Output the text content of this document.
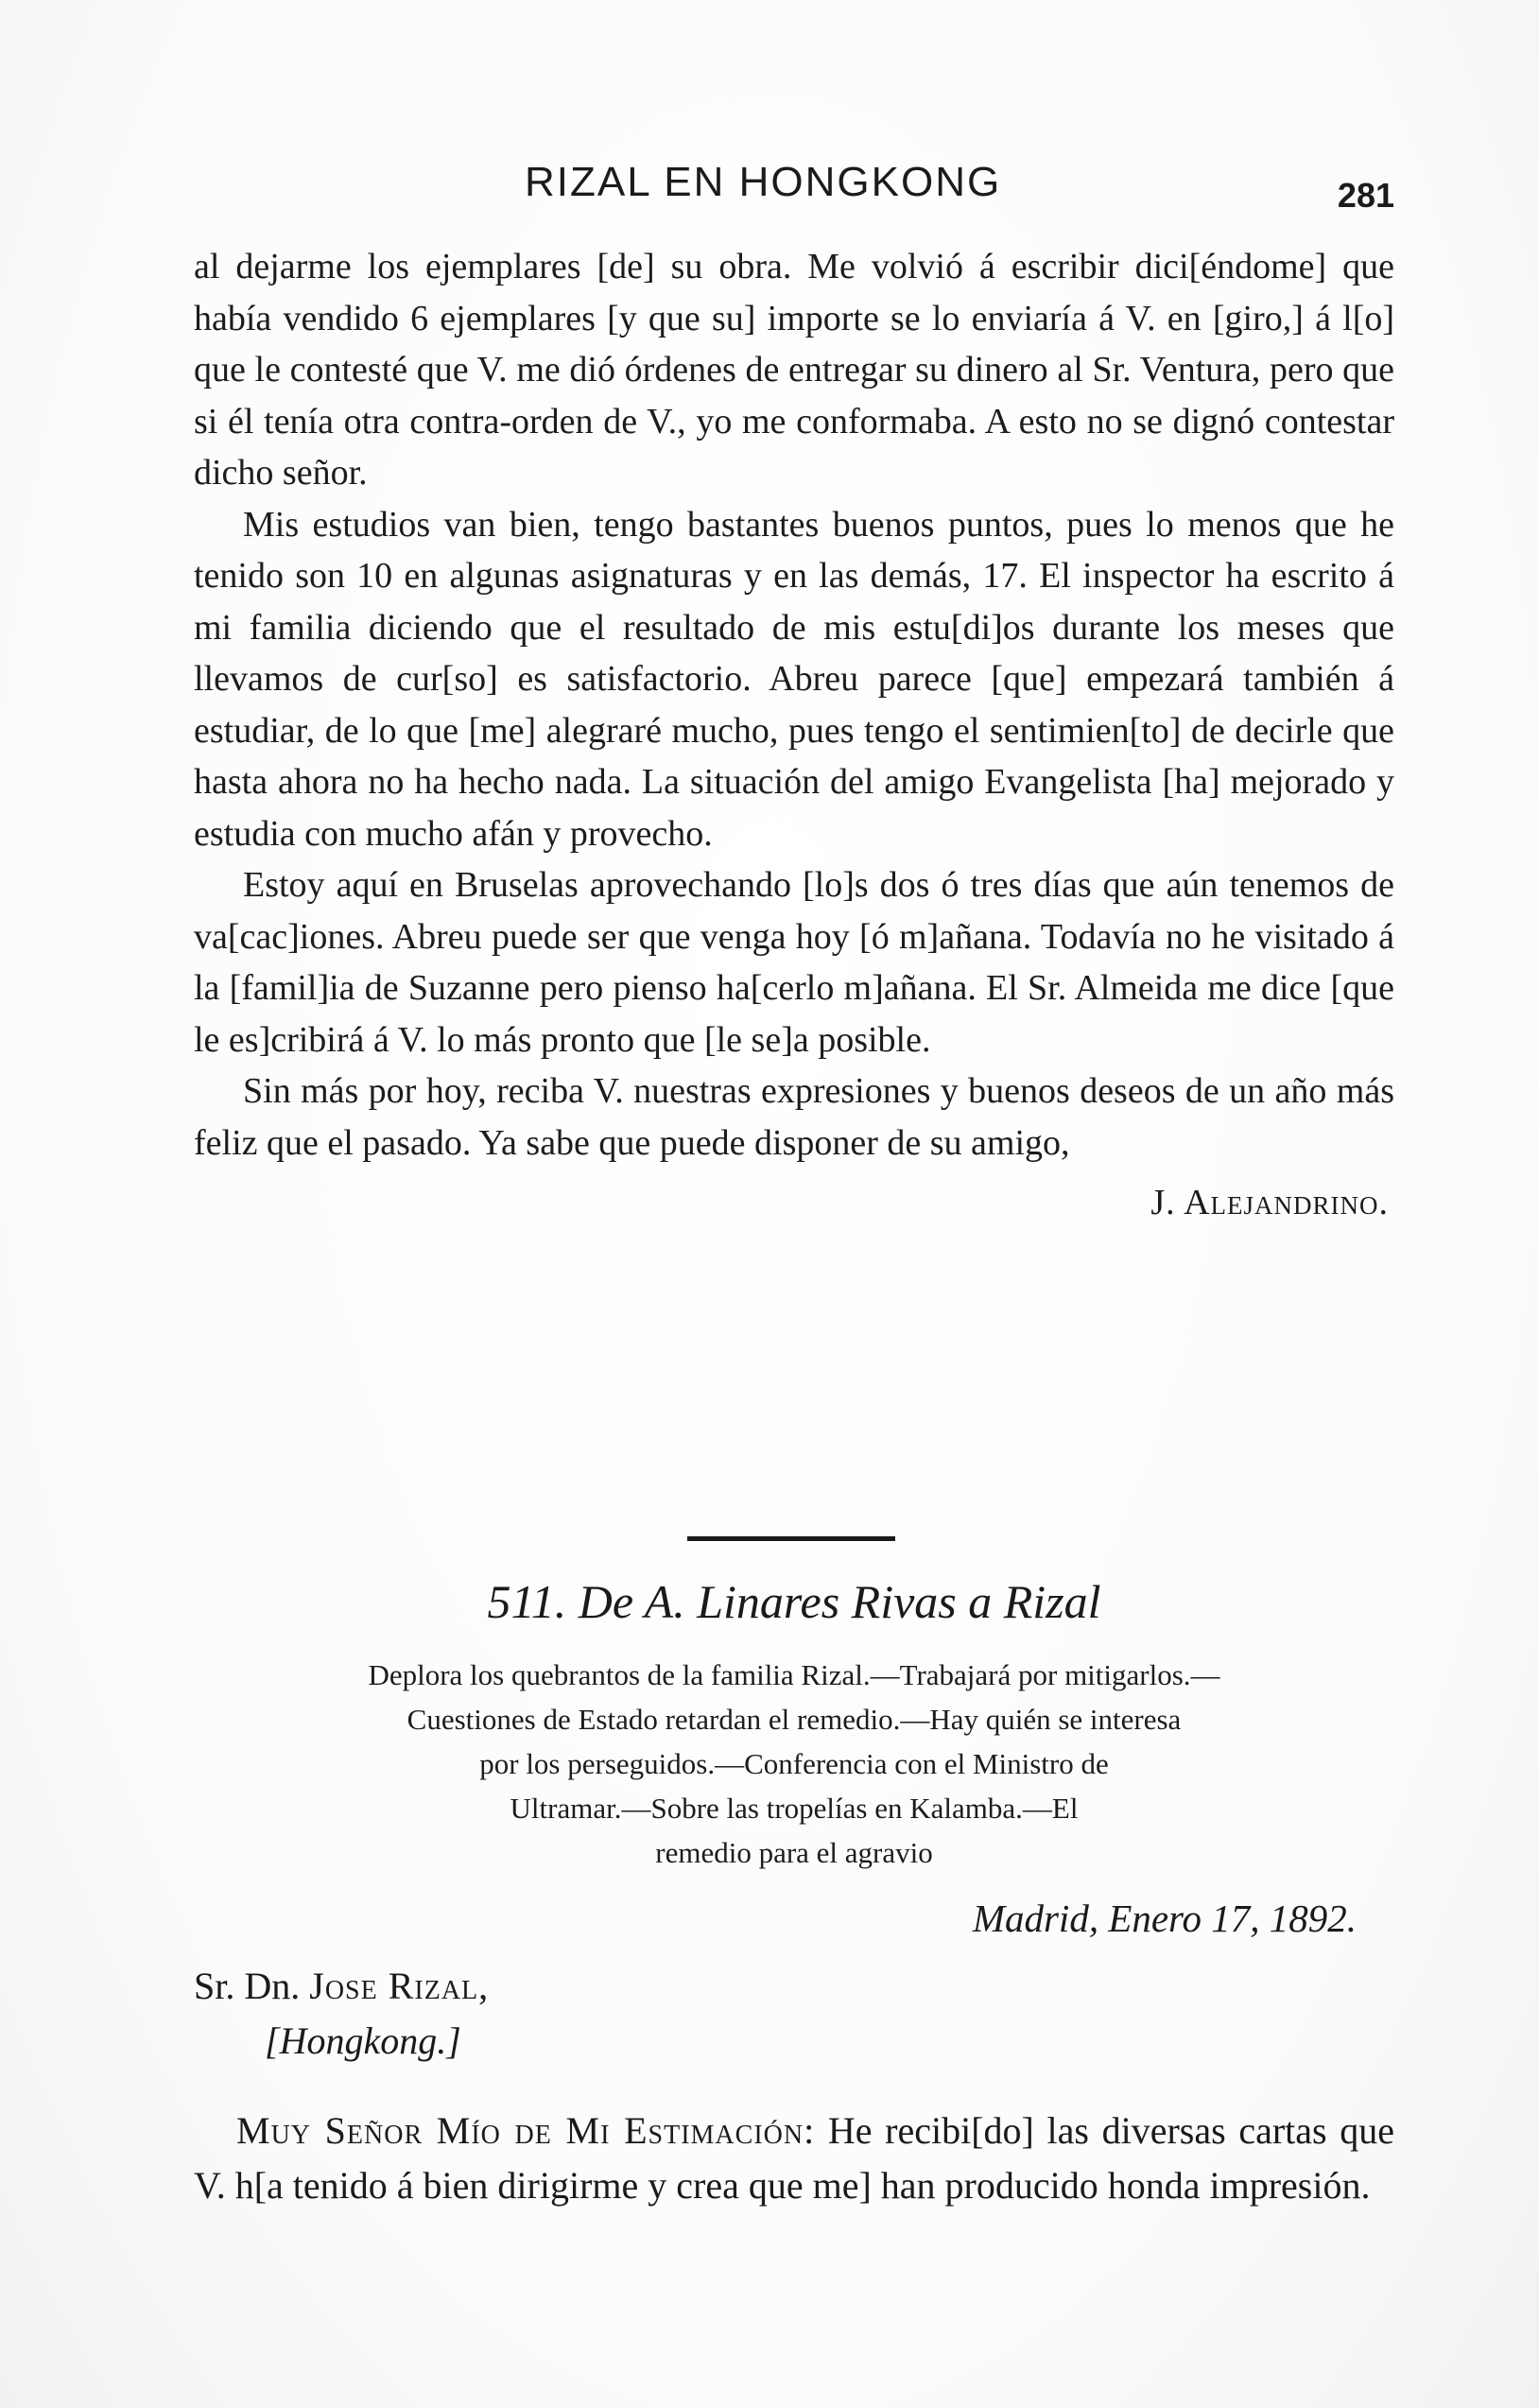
RIZAL EN HONGKONG	281

al dejarme los ejemplares [de] su obra. Me volvió á escribir dici[éndome] que había vendido 6 ejemplares [y que su] importe se lo enviaría á V. en [giro,] á l[o] que le contesté que V. me dió órdenes de entregar su dinero al Sr. Ventura, pero que si él tenía otra contra-orden de V., yo me conformaba. A esto no se dignó contestar dicho señor.

Mis estudios van bien, tengo bastantes buenos puntos, pues lo menos que he tenido son 10 en algunas asignaturas y en las demás, 17. El inspector ha escrito á mi familia diciendo que el resultado de mis estu[di]os durante los meses que llevamos de cur[so] es satisfactorio. Abreu parece [que] empezará también á estudiar, de lo que [me] alegraré mucho, pues tengo el sentimien[to] de decirle que hasta ahora no ha hecho nada. La situación del amigo Evangelista [ha] mejorado y estudia con mucho afán y provecho.

Estoy aquí en Bruselas aprovechando [lo]s dos ó tres días que aún tenemos de va[cac]iones. Abreu puede ser que venga hoy [ó m]añana. Todavía no he visitado á la [famil]ia de Suzanne pero pienso ha[cerlo m]añana. El Sr. Almeida me dice [que le es]cribirá á V. lo más pronto que [le se]a posible.

Sin más por hoy, reciba V. nuestras expresiones y buenos deseos de un año más feliz que el pasado. Ya sabe que puede disponer de su amigo,

J. Alejandrino.
511. De A. Linares Rivas a Rizal
Deplora los quebrantos de la familia Rizal.—Trabajará por mitigarlos.—
Cuestiones de Estado retardan el remedio.—Hay quién se interesa
por los perseguidos.—Conferencia con el Ministro de
Ultramar.—Sobre las tropelías en Kalamba.—El
remedio para el agravio
Madrid, Enero 17, 1892.
Sr. Dn. Jose Rizal,
[Hongkong.]

Muy Señor Mío de Mi Estimación: He recibi[do] las diversas cartas que V. h[a tenido á bien dirigirme y crea que me] han producido honda impresión.
